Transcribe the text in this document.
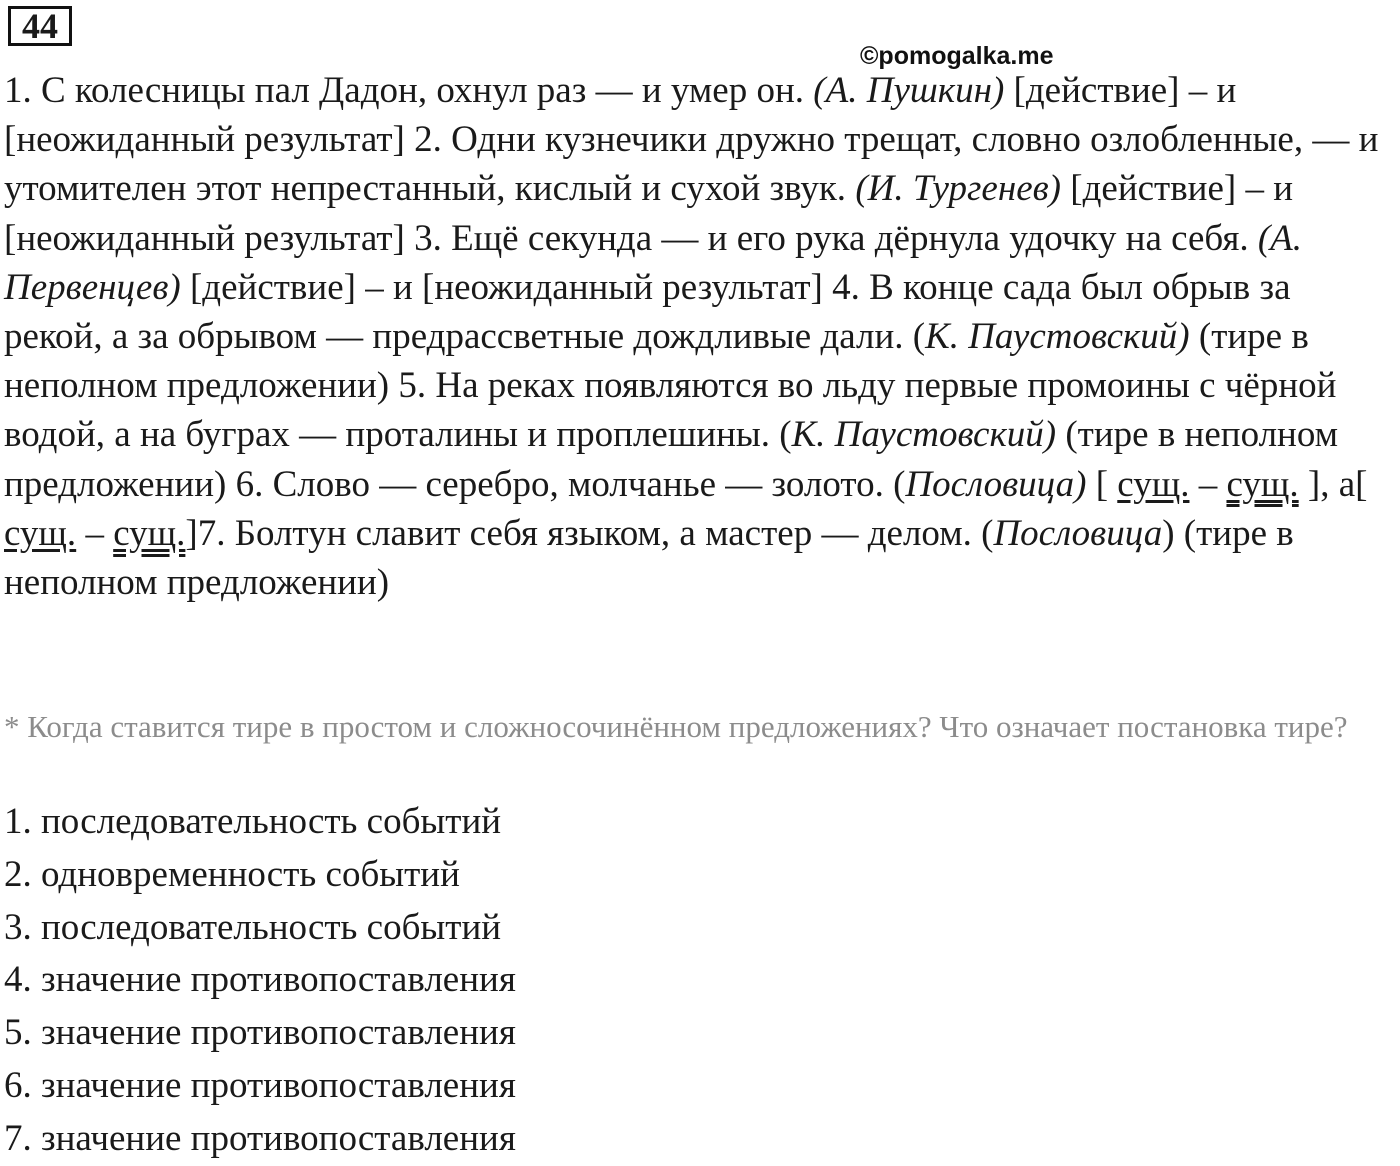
44
©pomogalka.me

1. С колесницы пал Дадон, охнул раз — и умер он. (А. Пушкин) [действие] – и [неожиданный результат] 2. Одни кузнечики дружно трещат, словно озлобленные, — и утомителен этот непрестанный, кислый и сухой звук. (И. Тургенев) [действие] – и [неожиданный результат] 3. Ещё секунда — и его рука дёрнула удочку на себя. (А. Первенцев) [действие] – и [неожиданный результат] 4. В конце сада был обрыв за рекой, а за обрывом — предрассветные дождливые дали. (К. Паустовский) (тире в неполном предложении) 5. На реках появляются во льду первые промоины с чёрной водой, а на буграх — проталины и проплешины. (К. Паустовский) (тире в неполном предложении) 6. Слово — серебро, молчанье — золото. (Пословица) [ сущ. – сущ. ], а[ сущ. – сущ.]7. Болтун славит себя языком, а мастер — делом. (Пословица) (тире в неполном предложении)

* Когда ставится тире в простом и сложносочинённом предложениях? Что означает постановка тире?

1. последовательность событий
2. одновременность событий
3. последовательность событий
4. значение противопоставления
5. значение противопоставления
6. значение противопоставления
7. значение противопоставления
